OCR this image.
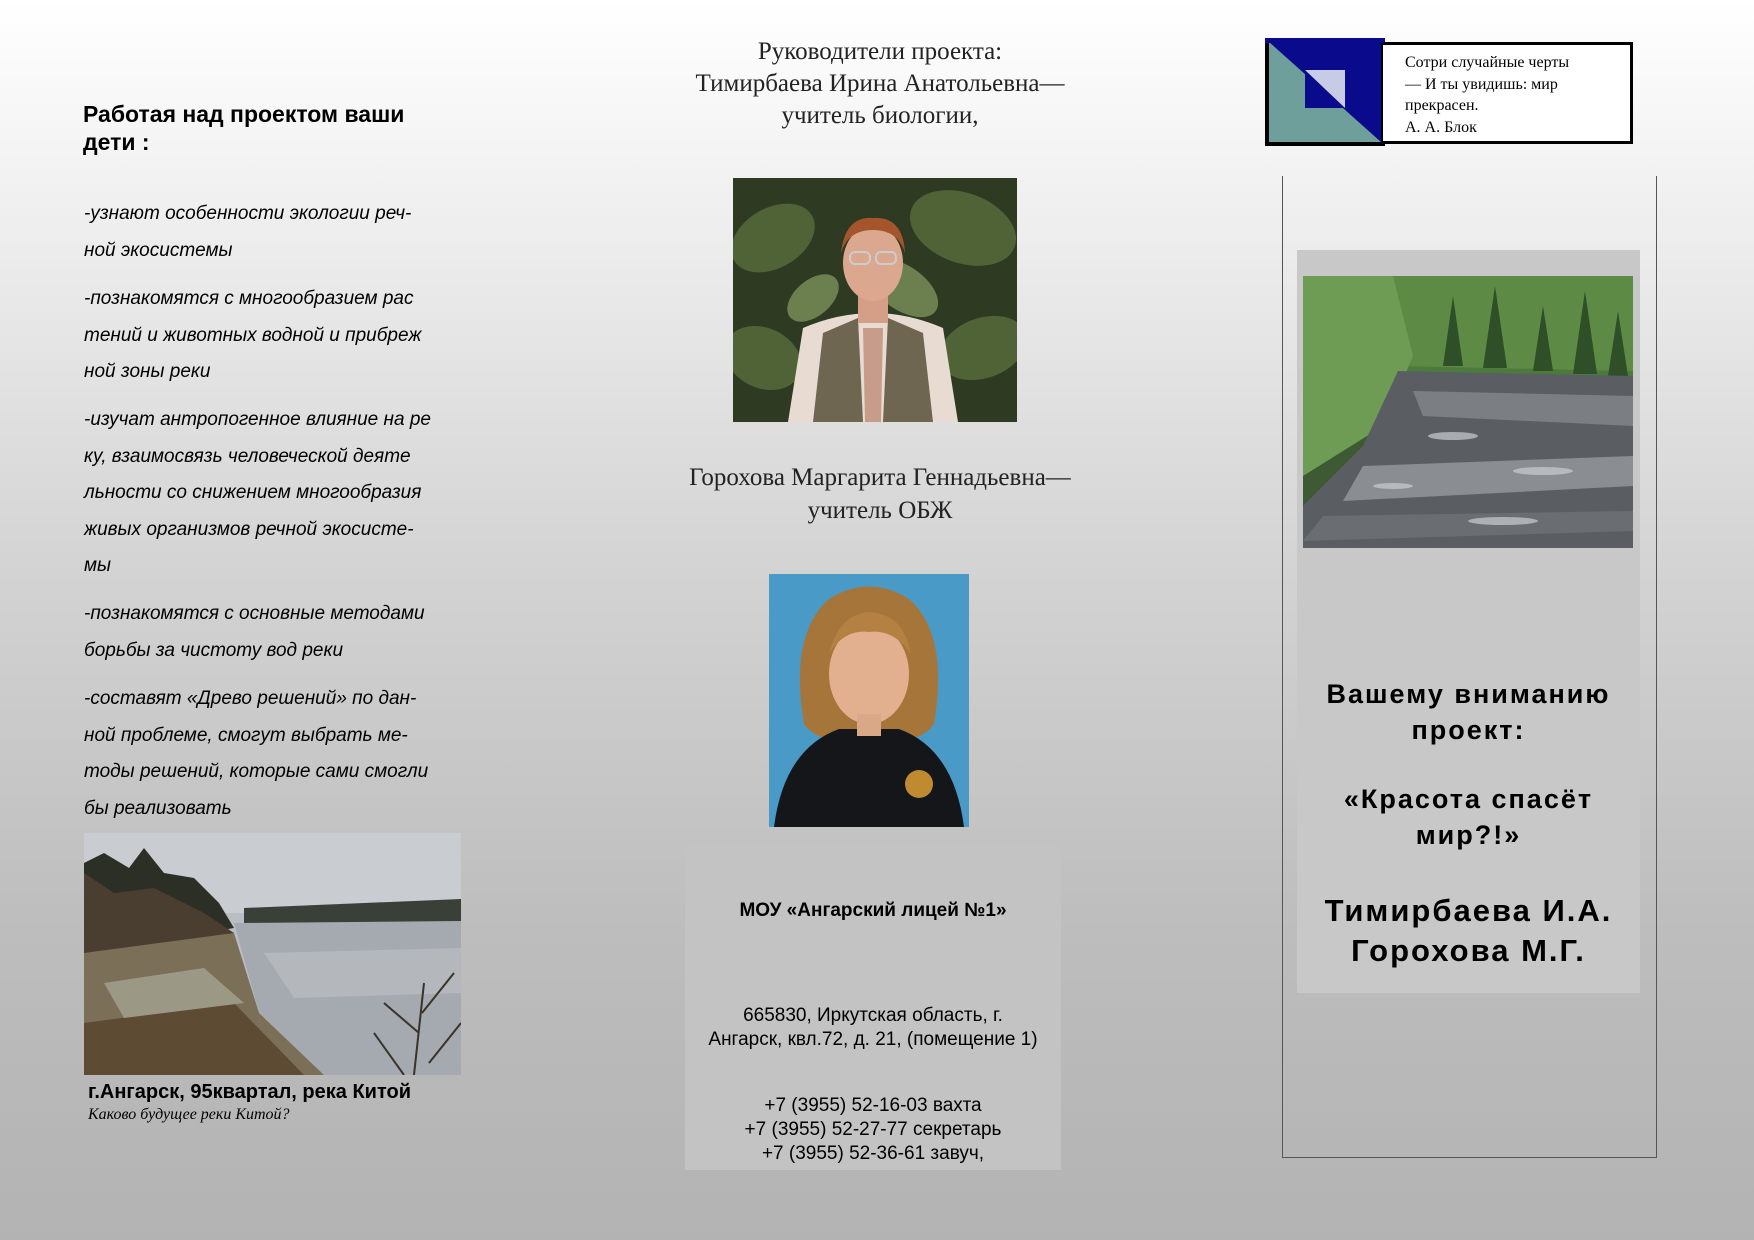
Работая над проектом ваши
дети :
-узнают особенности экологии реч-
ной экосистемы
-познакомятся с многообразием рас
тений и животных водной и прибреж
ной зоны реки
-изучат антропогенное влияние на ре
ку, взаимосвязь человеческой деяте
льности со снижением многообразия
живых организмов речной экосисте-
мы
-познакомятся с основные методами
борьбы за чистоту вод реки
-составят «Древо решений» по дан-
ной проблеме, смогут выбрать ме-
тоды решений, которые сами смогли
бы реализовать
г.Ангарск, 95квартал, река Китой
Каково будущее реки Китой?
Руководители проекта:
Тимирбаева Ирина Анатольевна—
учитель биологии,
Горохова Маргарита Геннадьевна—
учитель ОБЖ
МОУ «Ангарский лицей №1»
665830, Иркутская область, г.
Ангарск, квл.72, д. 21, (помещение 1)
+7 (3955) 52-16-03 вахта
+7 (3955) 52-27-77 секретарь
+7 (3955) 52-36-61 завуч,
Сотри случайные черты
— И ты увидишь: мир
прекрасен.
А. А. Блок
Вашему вниманию
проект:
«Красота спасёт
мир?!»
Тимирбаева И.А.
Горохова М.Г.
